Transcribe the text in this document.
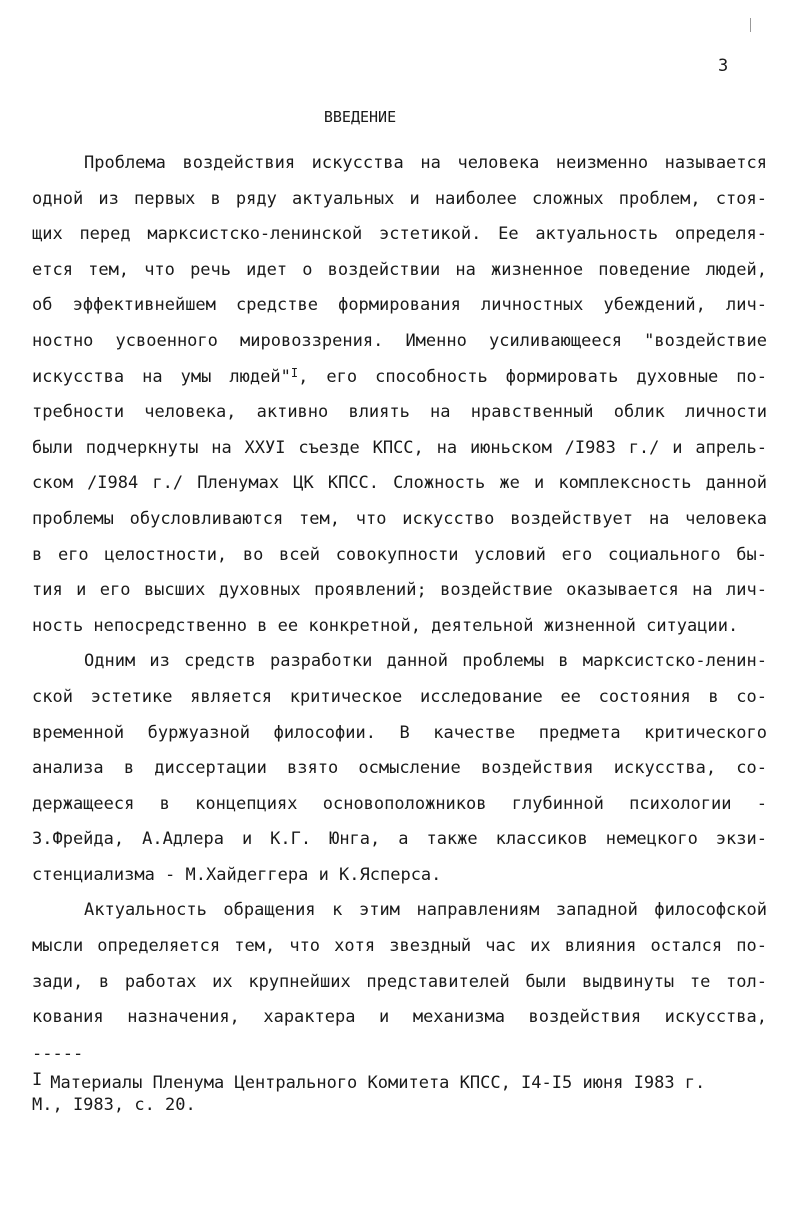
3
ВВЕДЕНИЕ
Проблема воздействия искусства на человека неизменно называется
одной из первых в ряду актуальных и наиболее сложных проблем, стоя-
щих перед марксистско-ленинской эстетикой. Ее актуальность определя-
ется тем, что речь идет о воздействии на жизненное поведение людей,
об эффективнейшем средстве формирования личностных убеждений, лич-
ностно усвоенного мировоззрения. Именно усиливающееся "воздействие
искусства на умы людей"$^I$, его способность формировать духовные по-
требности человека, активно влиять на нравственный облик личности
были подчеркнуты на ХХУI съезде КПСС, на июньском /I983 г./ и апрель-
ском /I984 г./ Пленумах ЦК КПСС. Сложность же и комплексность данной
проблемы обусловливаются тем, что искусство воздействует на человека
в его целостности, во всей совокупности условий его социального бы-
тия и его высших духовных проявлений; воздействие оказывается на лич-
ность непосредственно в ее конкретной, деятельной жизненной ситуации.
Одним из средств разработки данной проблемы в марксистско-ленин-
ской эстетике является критическое исследование ее состояния в со-
временной буржуазной философии. В качестве предмета критического
анализа в диссертации взято осмысление воздействия искусства, со-
держащееся в концепциях основоположников глубинной психологии -
З.Фрейда, А.Адлера и К.Г. Юнга, а также классиков немецкого экзи-
стенциализма - М.Хайдеггера и К.Ясперса.
Актуальность обращения к этим направлениям западной философской
мысли определяется тем, что хотя звездный час их влияния остался по-
зади, в работах их крупнейших представителей были выдвинуты те тол-
кования назначения, характера и механизма воздействия искусства,
-----
I Материалы Пленума Центрального Комитета КПСС, I4-I5 июня I983 г.
М., I983, с. 20.
